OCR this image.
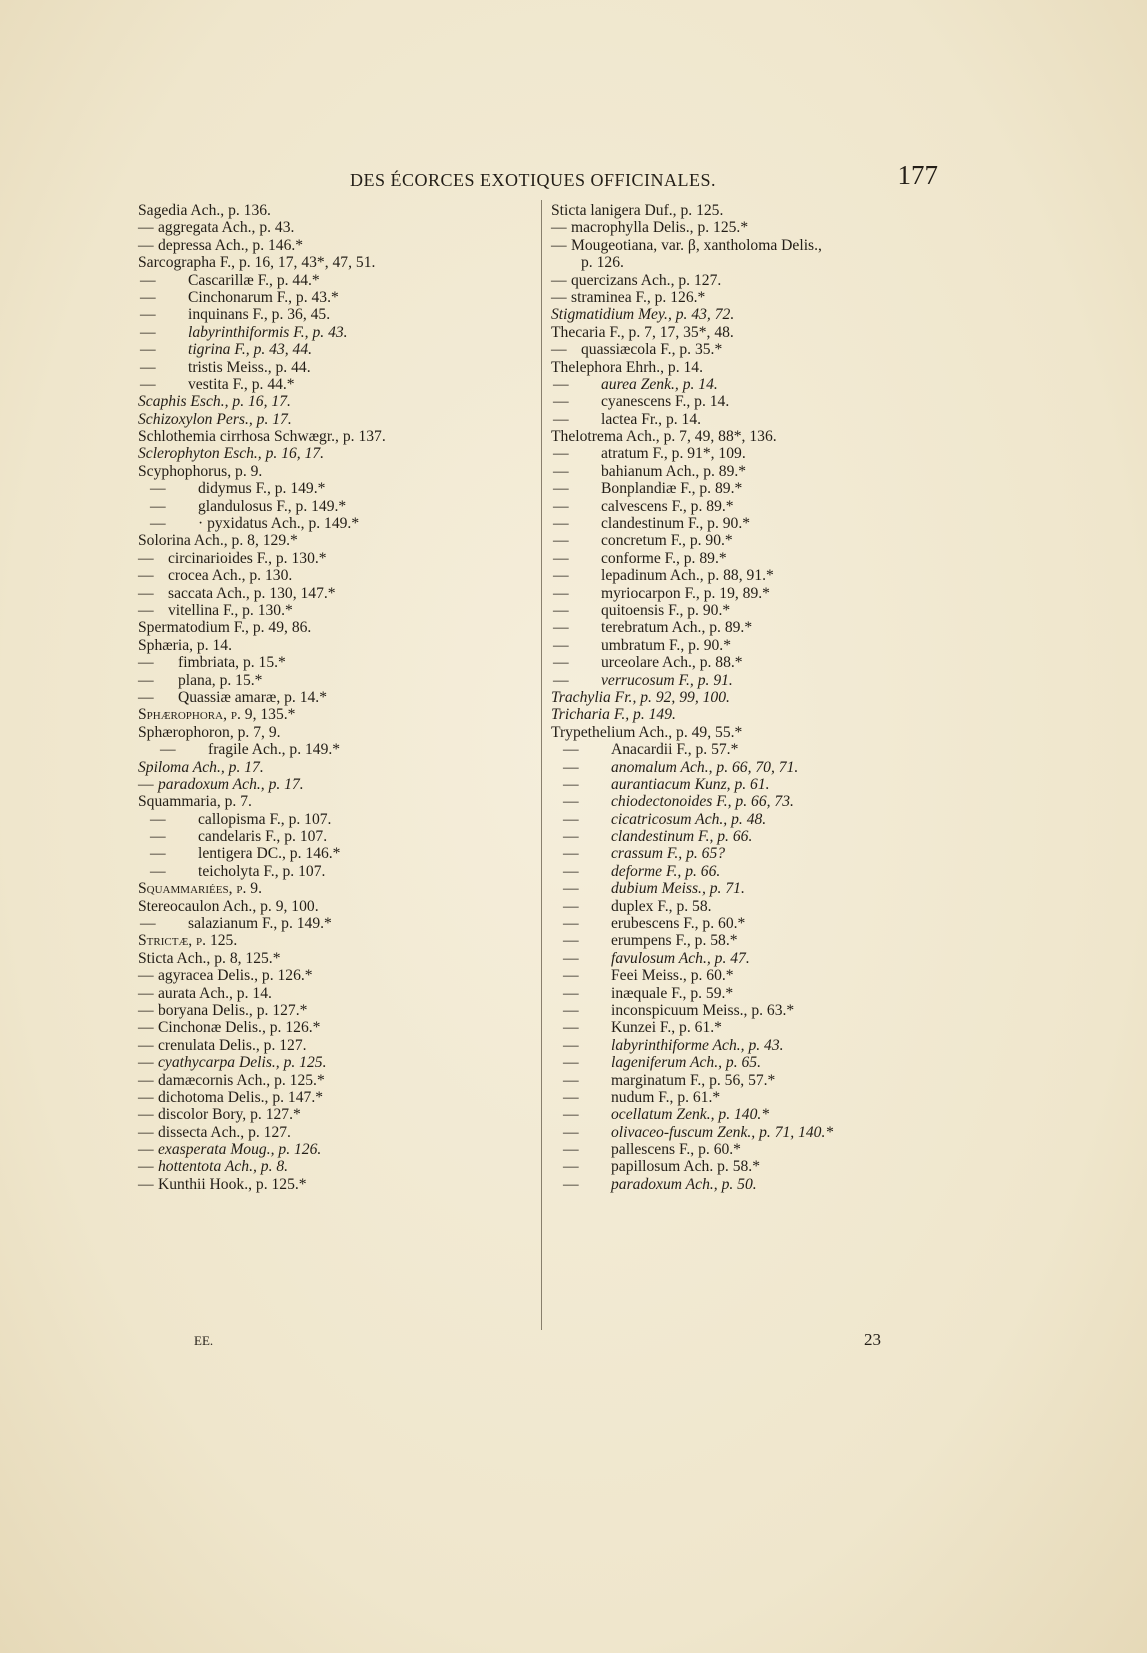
DES ÉCORCES EXOTIQUES OFFICINALES.	177
Sagedia Ach., p. 136.
— aggregata Ach., p. 43.
— depressa Ach., p. 146.*
Sarcographa F., p. 16, 17, 43*, 47, 51.
— Cascarillæ F., p. 44.*
— Cinchonarum F., p. 43.*
— inquinans F., p. 36, 45.
— labyrinthiformis F., p. 43.
— tigrina F., p. 43, 44.
— tristis Meiss., p. 44.
— vestita F., p. 44.*
Scaphis Esch., p. 16, 17.
Schizoxylon Pers., p. 17.
Schlothemia cirrhosa Schwægr., p. 137.
Sclerophyton Esch., p. 16, 17.
Scyphophorus, p. 9.
— didymus F., p. 149.*
— glandulosus F., p. 149.*
— · pyxidatus Ach., p. 149.*
Solorina Ach., p. 8, 129.*
— circinarioides F., p. 130.*
— crocea Ach., p. 130.
— saccata Ach., p. 130, 147.*
— vitellina F., p. 130.*
Spermatodium F., p. 49, 86.
Sphæria, p. 14.
— fimbriata, p. 15.*
— plana, p. 15.*
— Quassiæ amaræ, p. 14.*
Sphærophora, p. 9, 135.*
Sphærophoron, p. 7, 9.
— fragile Ach., p. 149.*
Spiloma Ach., p. 17.
— paradoxum Ach., p. 17.
Squammaria, p. 7.
— callopisma F., p. 107.
— candelaris F., p. 107.
— lentigera DC., p. 146.*
— teicholyta F., p. 107.
Squammariées, p. 9.
Stereocaulon Ach., p. 9, 100.
— salazianum F., p. 149.*
Strictæ, p. 125.
Sticta Ach., p. 8, 125.*
— agyracea Delis., p. 126.*
— aurata Ach., p. 14.
— boryana Delis., p. 127.*
— Cinchonæ Delis., p. 126.*
— crenulata Delis., p. 127.
— cyathycarpa Delis., p. 125.
— damæcornis Ach., p. 125.*
— dichotoma Delis., p. 147.*
— discolor Bory, p. 127.*
— dissecta Ach., p. 127.
— exasperata Moug., p. 126.
— hottentota Ach., p. 8.
— Kunthii Hook., p. 125.*
Sticta lanigera Duf., p. 125.
— macrophylla Delis., p. 125.*
— Mougeotiana, var. β, xantholoma Delis.,
p. 126.
— quercizans Ach., p. 127.
— straminea F., p. 126.*
Stigmatidium Mey., p. 43, 72.
Thecaria F., p. 7, 17, 35*, 48.
— quassiæcola F., p. 35.*
Thelephora Ehrh., p. 14.
— aurea Zenk., p. 14.
— cyanescens F., p. 14.
— lactea Fr., p. 14.
Thelotrema Ach., p. 7, 49, 88*, 136.
— atratum F., p. 91*, 109.
— bahianum Ach., p. 89.*
— Bonplandiæ F., p. 89.*
— calvescens F., p. 89.*
— clandestinum F., p. 90.*
— concretum F., p. 90.*
— conforme F., p. 89.*
— lepadinum Ach., p. 88, 91.*
— myriocarpon F., p. 19, 89.*
— quitoensis F., p. 90.*
— terebratum Ach., p. 89.*
— umbratum F., p. 90.*
— urceolare Ach., p. 88.*
— verrucosum F., p. 91.
Trachylia Fr., p. 92, 99, 100.
Tricharia F., p. 149.
Trypethelium Ach., p. 49, 55.*
— Anacardii F., p. 57.*
— anomalum Ach., p. 66, 70, 71.
— aurantiacum Kunz, p. 61.
— chiodectonoides F., p. 66, 73.
— cicatricosum Ach., p. 48.
— clandestinum F., p. 66.
— crassum F., p. 65?
— deforme F., p. 66.
— dubium Meiss., p. 71.
— duplex F., p. 58.
— erubescens F., p. 60.*
— erumpens F., p. 58.*
— favulosum Ach., p. 47.
— Feei Meiss., p. 60.*
— inæquale F., p. 59.*
— inconspicuum Meiss., p. 63.*
— Kunzei F., p. 61.*
— labyrinthiforme Ach., p. 43.
— lageniferum Ach., p. 65.
— marginatum F., p. 56, 57.*
— nudum F., p. 61.*
— ocellatum Zenk., p. 140.*
— olivaceo-fuscum Zenk., p. 71, 140.*
— pallescens F., p. 60.*
— papillosum Ach. p. 58.*
— paradoxum Ach., p. 50.
EE.	23
